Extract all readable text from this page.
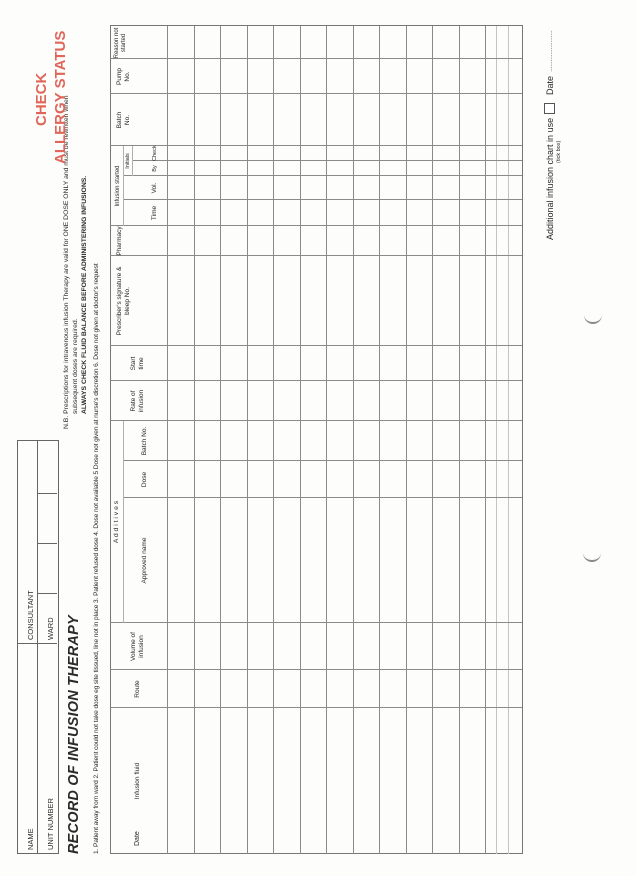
NAME
CONSULTANT
UNIT NUMBER
WARD RECORD OF INFUSION THERAPY
N.B. Prescriptions for intravenous infusion Therapy are valid for ONE DOSE ONLY and must be rewritten when subsequent doses are required. ALWAYS CHECK FLUID BALANCE BEFORE ADMINISTERING INFUSIONS. 1. Patient away from ward 2. Patient could not take dose eg site tissued, line not in place 3. Patient refused dose 4. Dose not available 5 Dose not given at nurse's discretion 6. Dose not given at doctor's request
CHECK ALLERGY STATUS
Date
Infusion fluid
Route
Volume of infusion
A d d i t i v e s
Approved name
Dose
Batch No.
Rate of infusion
Start time
Prescriber's signature & bleep No.
Pharmacy
Infusion started
Time
Vol.
Initials	By
Check
Batch No.
Pump No.
Reason not started
Additional infusion chart in use (tick box)
Date
........................
